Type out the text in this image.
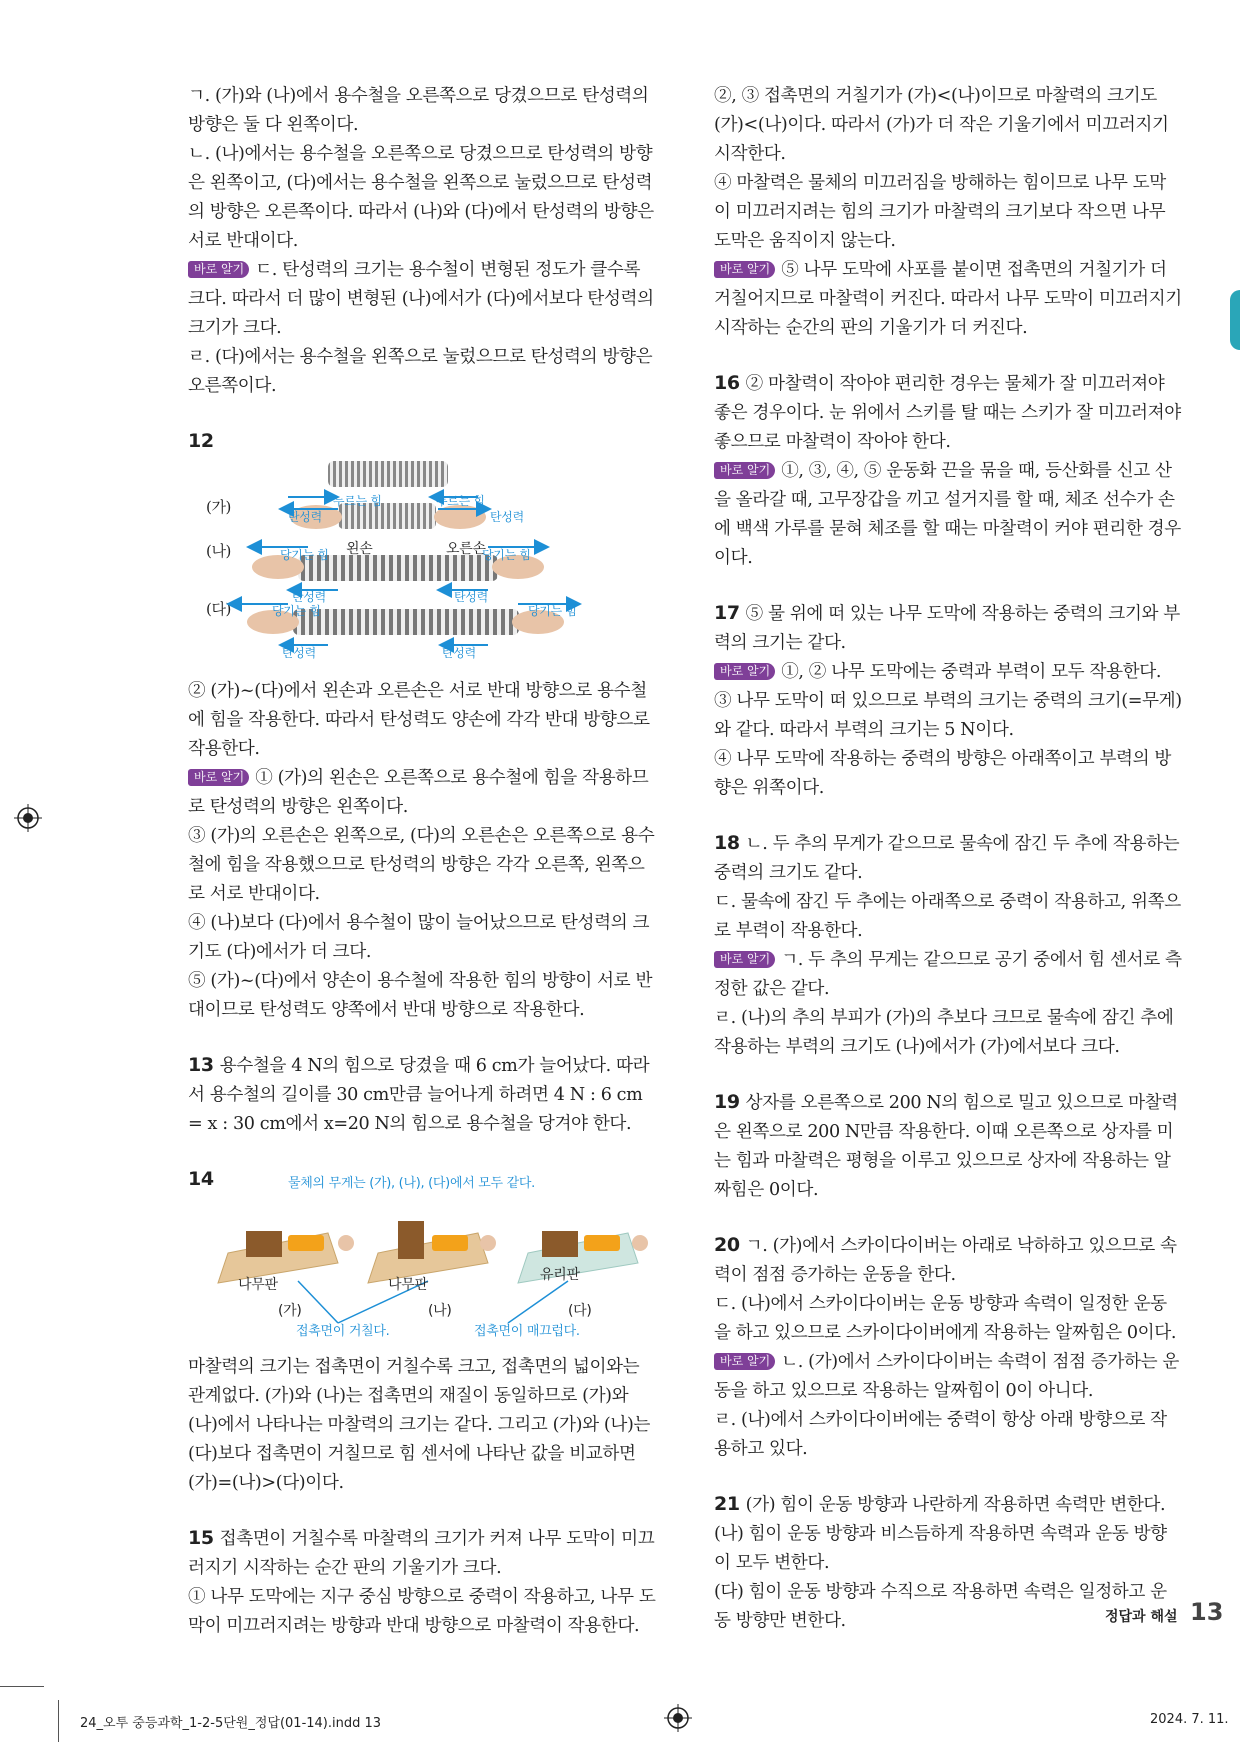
ㄱ. (가)와 (나)에서 용수철을 오른쪽으로 당겼으므로 탄성력의 방향은 둘 다 왼쪽이다.

ㄴ. (나)에서는 용수철을 오른쪽으로 당겼으므로 탄성력의 방향은 왼쪽이고, (다)에서는 용수철을 왼쪽으로 눌렀으므로 탄성력의 방향은 오른쪽이다. 따라서 (나)와 (다)에서 탄성력의 방향은 서로 반대이다.

바로 알기 ㄷ. 탄성력의 크기는 용수철이 변형된 정도가 클수록 크다. 따라서 더 많이 변형된 (나)에서가 (다)에서보다 탄성력의 크기가 크다.

ㄹ. (다)에서는 용수철을 왼쪽으로 눌렀으므로 탄성력의 방향은 오른쪽이다.

12

(가)
(나)
(다)
탄성력
누르는 힘	누르는 힘
탄성력
당기는 힘 왼손	오른손
당기는 힘
탄성력	탄성력
당기는 힘	당기는 힘
탄성력	탄성력

② (가)~(다)에서 왼손과 오른손은 서로 반대 방향으로 용수철에 힘을 작용한다. 따라서 탄성력도 양손에 각각 반대 방향으로 작용한다.

바로 알기 ① (가)의 왼손은 오른쪽으로 용수철에 힘을 작용하므로 탄성력의 방향은 왼쪽이다.

③ (가)의 오른손은 왼쪽으로, (다)의 오른손은 오른쪽으로 용수철에 힘을 작용했으므로 탄성력의 방향은 각각 오른쪽, 왼쪽으로 서로 반대이다.

④ (나)보다 (다)에서 용수철이 많이 늘어났으므로 탄성력의 크기도 (다)에서가 더 크다.

⑤ (가)~(다)에서 양손이 용수철에 작용한 힘의 방향이 서로 반대이므로 탄성력도 양쪽에서 반대 방향으로 작용한다.

13 용수철을 4 N의 힘으로 당겼을 때 6 cm가 늘어났다. 따라서 용수철의 길이를 30 cm만큼 늘어나게 하려면 4 N : 6 cm = x : 30 cm에서 x=20 N의 힘으로 용수철을 당겨야 한다.

14	물체의 무게는 (가), (나), (다)에서 모두 같다.
나무판	나무판
유리판
(가)	(나)	(다)
접촉면이 거칠다.	접촉면이 매끄럽다.

마찰력의 크기는 접촉면이 거칠수록 크고, 접촉면의 넓이와는 관계없다. (가)와 (나)는 접촉면의 재질이 동일하므로 (가)와 (나)에서 나타나는 마찰력의 크기는 같다. 그리고 (가)와 (나)는 (다)보다 접촉면이 거칠므로 힘 센서에 나타난 값을 비교하면 (가)=(나)>(다)이다.

15 접촉면이 거칠수록 마찰력의 크기가 커져 나무 도막이 미끄러지기 시작하는 순간 판의 기울기가 크다.

① 나무 도막에는 지구 중심 방향으로 중력이 작용하고, 나무 도막이 미끄러지려는 방향과 반대 방향으로 마찰력이 작용한다.

②, ③ 접촉면의 거칠기가 (가)<(나)이므로 마찰력의 크기도 (가)<(나)이다. 따라서 (가)가 더 작은 기울기에서 미끄러지기 시작한다.

④ 마찰력은 물체의 미끄러짐을 방해하는 힘이므로 나무 도막이 미끄러지려는 힘의 크기가 마찰력의 크기보다 작으면 나무 도막은 움직이지 않는다.

바로 알기 ⑤ 나무 도막에 사포를 붙이면 접촉면의 거칠기가 더 거칠어지므로 마찰력이 커진다. 따라서 나무 도막이 미끄러지기 시작하는 순간의 판의 기울기가 더 커진다.

16 ② 마찰력이 작아야 편리한 경우는 물체가 잘 미끄러져야 좋은 경우이다. 눈 위에서 스키를 탈 때는 스키가 잘 미끄러져야 좋으므로 마찰력이 작아야 한다.

바로 알기 ①, ③, ④, ⑤ 운동화 끈을 묶을 때, 등산화를 신고 산을 올라갈 때, 고무장갑을 끼고 설거지를 할 때, 체조 선수가 손에 백색 가루를 묻혀 체조를 할 때는 마찰력이 커야 편리한 경우이다.

17 ⑤ 물 위에 떠 있는 나무 도막에 작용하는 중력의 크기와 부력의 크기는 같다.

바로 알기 ①, ② 나무 도막에는 중력과 부력이 모두 작용한다.

③ 나무 도막이 떠 있으므로 부력의 크기는 중력의 크기(=무게)와 같다. 따라서 부력의 크기는 5 N이다.

④ 나무 도막에 작용하는 중력의 방향은 아래쪽이고 부력의 방향은 위쪽이다.

18 ㄴ. 두 추의 무게가 같으므로 물속에 잠긴 두 추에 작용하는 중력의 크기도 같다.

ㄷ. 물속에 잠긴 두 추에는 아래쪽으로 중력이 작용하고, 위쪽으로 부력이 작용한다.

바로 알기 ㄱ. 두 추의 무게는 같으므로 공기 중에서 힘 센서로 측정한 값은 같다.

ㄹ. (나)의 추의 부피가 (가)의 추보다 크므로 물속에 잠긴 추에 작용하는 부력의 크기도 (나)에서가 (가)에서보다 크다.

19 상자를 오른쪽으로 200 N의 힘으로 밀고 있으므로 마찰력은 왼쪽으로 200 N만큼 작용한다. 이때 오른쪽으로 상자를 미는 힘과 마찰력은 평형을 이루고 있으므로 상자에 작용하는 알짜힘은 0이다.

20 ㄱ. (가)에서 스카이다이버는 아래로 낙하하고 있으므로 속력이 점점 증가하는 운동을 한다.

ㄷ. (나)에서 스카이다이버는 운동 방향과 속력이 일정한 운동을 하고 있으므로 스카이다이버에게 작용하는 알짜힘은 0이다.

바로 알기 ㄴ. (가)에서 스카이다이버는 속력이 점점 증가하는 운동을 하고 있으므로 작용하는 알짜힘이 0이 아니다.

ㄹ. (나)에서 스카이다이버에는 중력이 항상 아래 방향으로 작용하고 있다.

21 (가) 힘이 운동 방향과 나란하게 작용하면 속력만 변한다.

(나) 힘이 운동 방향과 비스듬하게 작용하면 속력과 운동 방향이 모두 변한다.

(다) 힘이 운동 방향과 수직으로 작용하면 속력은 일정하고 운동 방향만 변한다.	정답과 해설 13
24_오투 중등과학_1-2-5단원_정답(01-14).indd 13	2024. 7. 11.
